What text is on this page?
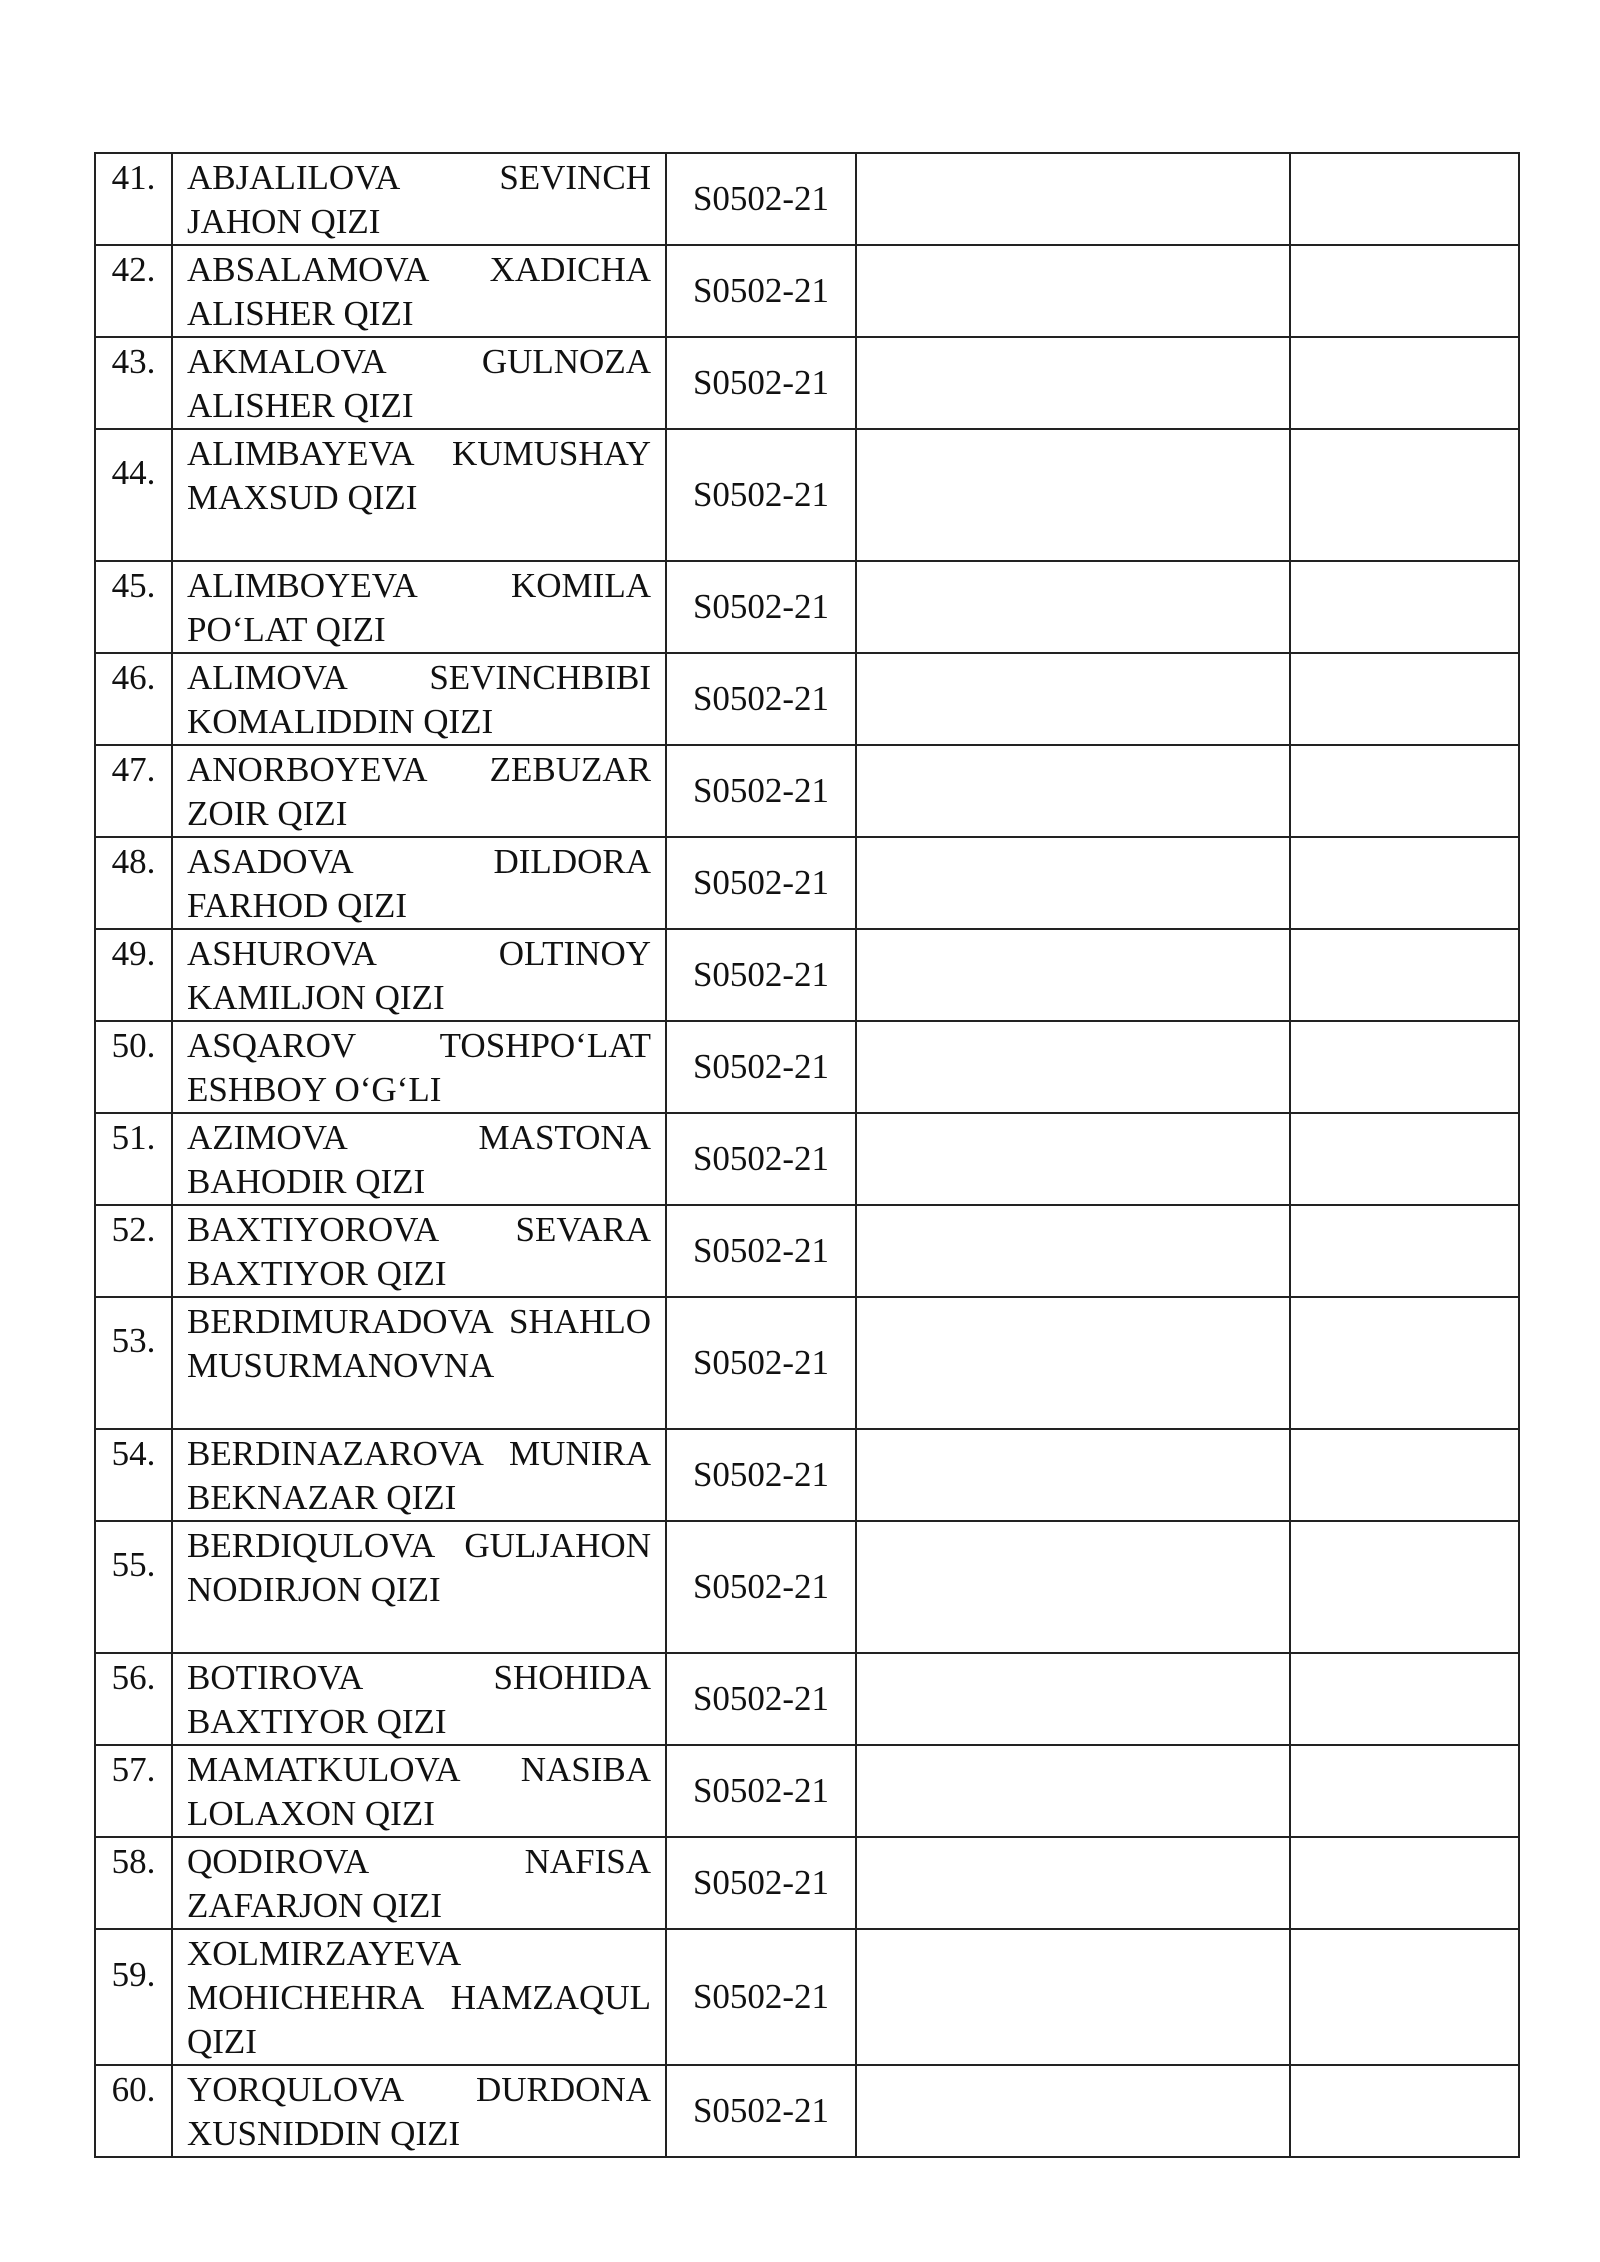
41.	ABJALILOVA SEVINCH JAHON QIZI	S0502-21		
42.	ABSALAMOVA XADICHA ALISHER QIZI	S0502-21		
43.	AKMALOVA GULNOZA ALISHER QIZI	S0502-21		
44.	ALIMBAYEVA KUMUSHAY MAXSUD QIZI	S0502-21		
45.	ALIMBOYEVA KOMILA PO‘LAT QIZI	S0502-21		
46.	ALIMOVA SEVINCHBIBI KOMALIDDIN QIZI	S0502-21		
47.	ANORBOYEVA ZEBUZAR ZOIR QIZI	S0502-21		
48.	ASADOVA DILDORA FARHOD QIZI	S0502-21		
49.	ASHUROVA OLTINOY KAMILJON QIZI	S0502-21		
50.	ASQAROV TOSHPO‘LAT ESHBOY O‘G‘LI	S0502-21		
51.	AZIMOVA MASTONA BAHODIR QIZI	S0502-21		
52.	BAXTIYOROVA SEVARA BAXTIYOR QIZI	S0502-21		
53.	BERDIMURADOVA SHAHLO MUSURMANOVNA	S0502-21		
54.	BERDINAZAROVA MUNIRA BEKNAZAR QIZI	S0502-21		
55.	BERDIQULOVA GULJAHON NODIRJON QIZI	S0502-21		
56.	BOTIROVA SHOHIDA BAXTIYOR QIZI	S0502-21		
57.	MAMATKULOVA NASIBA LOLAXON QIZI	S0502-21		
58.	QODIROVA NAFISA ZAFARJON QIZI	S0502-21		
59.	XOLMIRZAYEVA MOHICHEHRA HAMZAQUL QIZI	S0502-21		
60.	YORQULOVA DURDONA XUSNIDDIN QIZI	S0502-21		
